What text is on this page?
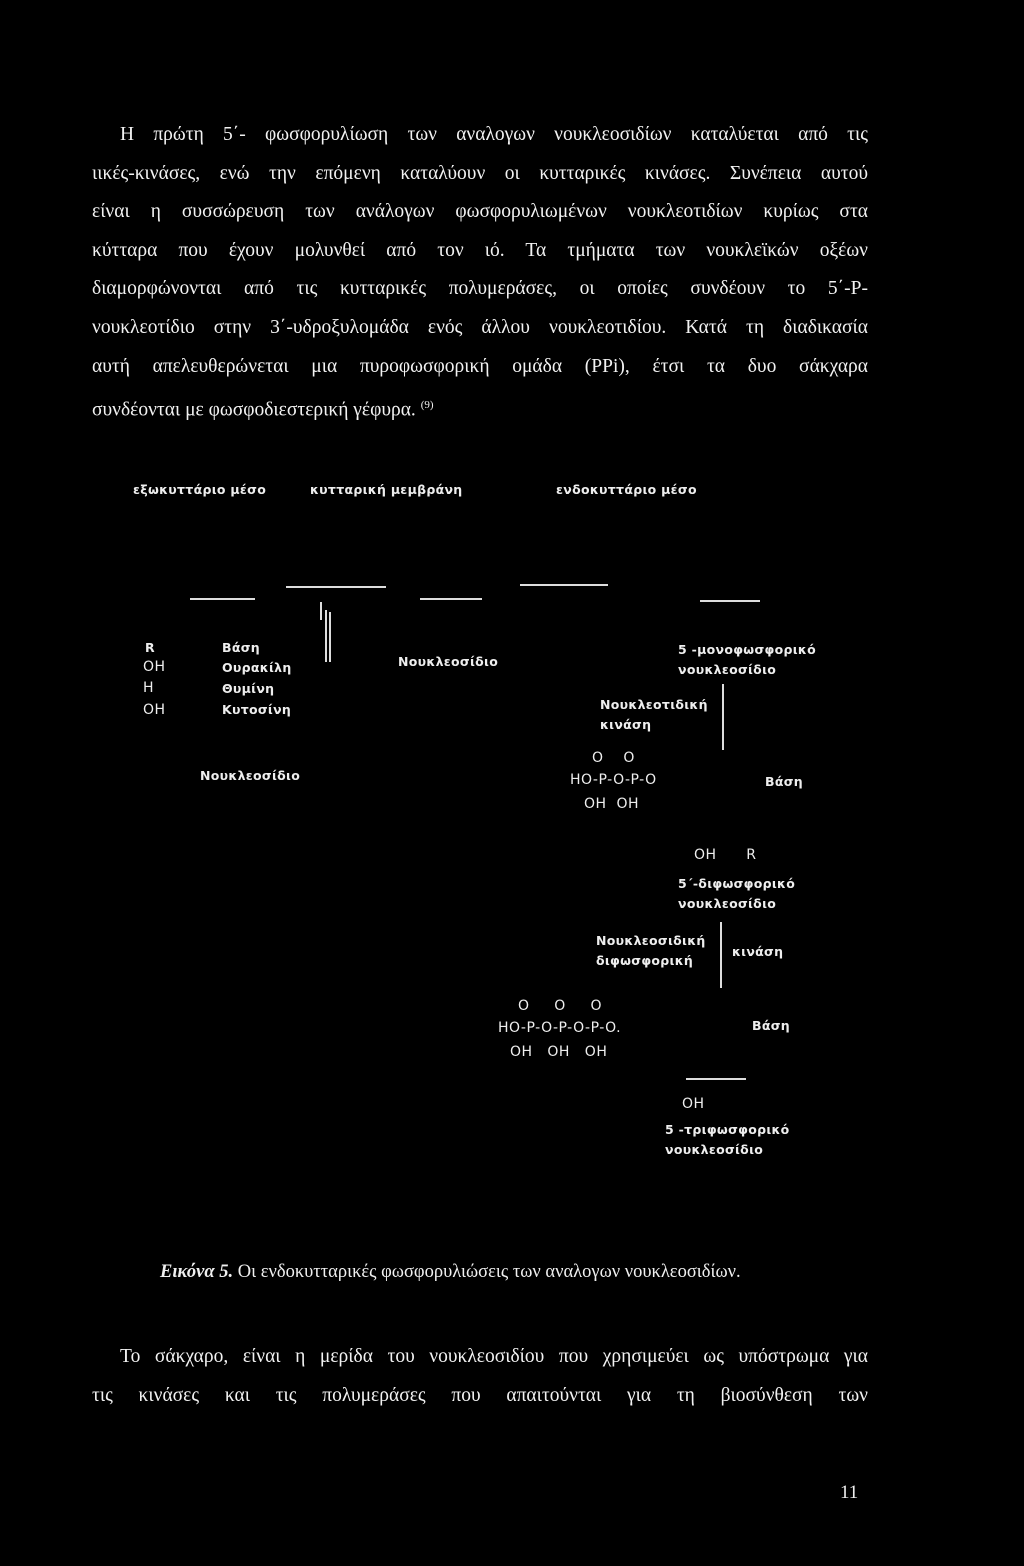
Η πρώτη 5΄- φωσφορυλίωση των αναλογων νουκλεοσιδίων καταλύεται από τις
ιικές-κινάσες, ενώ την επόμενη καταλύουν οι κυτταρικές κινάσες. Συνέπεια αυτού
είναι η συσσώρευση των ανάλογων φωσφορυλιωμένων νουκλεοτιδίων κυρίως στα
κύτταρα που έχουν μολυνθεί από τον ιό. Τα τμήματα των νουκλεϊκών οξέων
διαμορφώνονται από τις κυτταρικές πολυμεράσες, οι οποίες συνδέουν το 5΄-Ρ-
νουκλεοτίδιο στην 3΄-υδροξυλομάδα ενός άλλου νουκλεοτιδίου. Κατά τη διαδικασία
αυτή απελευθερώνεται μια πυροφωσφορική ομάδα (PPi), έτσι τα δυο σάκχαρα
συνδέονται με φωσφοδιεστερική γέφυρα. $^{(9)}$
εξωκυττάριο μέσο	κυτταρική μεμβράνη	ενδοκυττάριο μέσο
R
OH
H
OH
Βάση
Ουρακίλη
Θυμίνη
Κυτοσίνη
Νουκλεοσίδιο
Νουκλεοσίδιο
5 -μονοφωσφορικό
νουκλεοσίδιο
Νουκλεοτιδική
κινάση
O    O
HO-P-O-P-O
OH  OH
Βάση
OH      R
5΄-διφωσφορικό
νουκλεοσίδιο
Νουκλεοσιδική
διφωσφορική
κινάση
O     O     O
HO-P-O-P-O-P-O.
OH   OH   OH
Βάση
OH
5 -τριφωσφορικό
νουκλεοσίδιο
Εικόνα 5. Οι ενδοκυτταρικές φωσφορυλιώσεις των αναλογων νουκλεοσιδίων.
Το σάκχαρο, είναι η μερίδα του νουκλεοσιδίου που χρησιμεύει ως υπόστρωμα για
τις κινάσες και τις πολυμεράσες που απαιτούνται για τη βιοσύνθεση των
11
